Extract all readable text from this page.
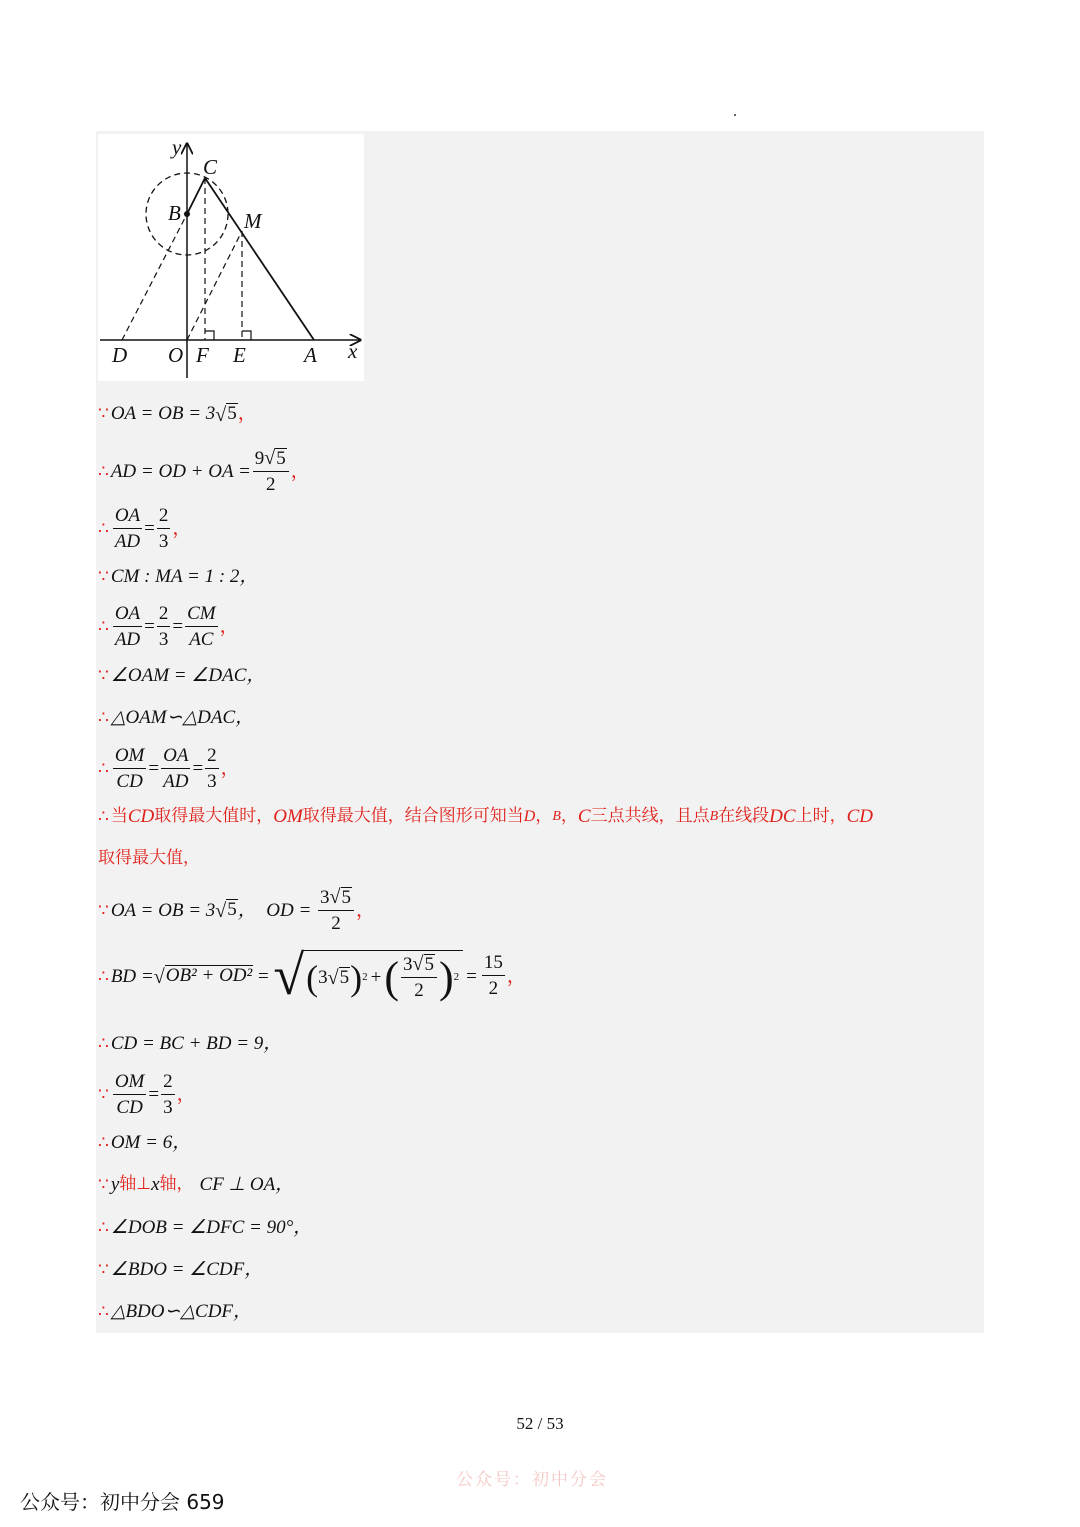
y
C
B	M
D O F E	A x
∵ OA = OB = 3 √ 5 ，
∴ AD = OD + OA = $\frac{9 √ 5}{2}$ ，
∴ $\frac{OA}{AD} = \frac{2}{3}$ ，
∵ CM : MA = 1 : 2，
∴ $\frac{OA}{AD} = \frac{2}{3} = \frac{CM}{AC}$ ，
∵ ∠OAM = ∠DAC，
∴ △OAM∽△DAC，
∴ $\frac{OM}{CD} = \frac{OA}{AD} = \frac{2}{3}$ ，
∴ 当 CD 取得最大值时， OM 取得最大值，结合图形可知当 D ， B ， C 三点共线，且点 B 在线段 DC 上时， CD
取得最大值，
∵ OA = OB = 3 √ 5 ，  OD = $\frac{3 √ 5}{2}$ ，
∴ BD = √ OB² + OD² = √ ( 3 √ 5 ) 2 + ( $\frac{3 √ 5}{2}$ ) $2 = \frac{15}{2}$ ，
∴ CD = BC + BD = 9，
∵ $\frac{OM}{CD} = \frac{2}{3}$ ，
∴ OM = 6，
∵ y 轴⊥ x 轴， CF ⊥ OA，
∴ ∠DOB = ∠DFC = 90°，
∵ ∠BDO = ∠CDF，
∴ △BDO∽△CDF，
52 / 53
公众号：初中分会
公众号：初中分会 659
